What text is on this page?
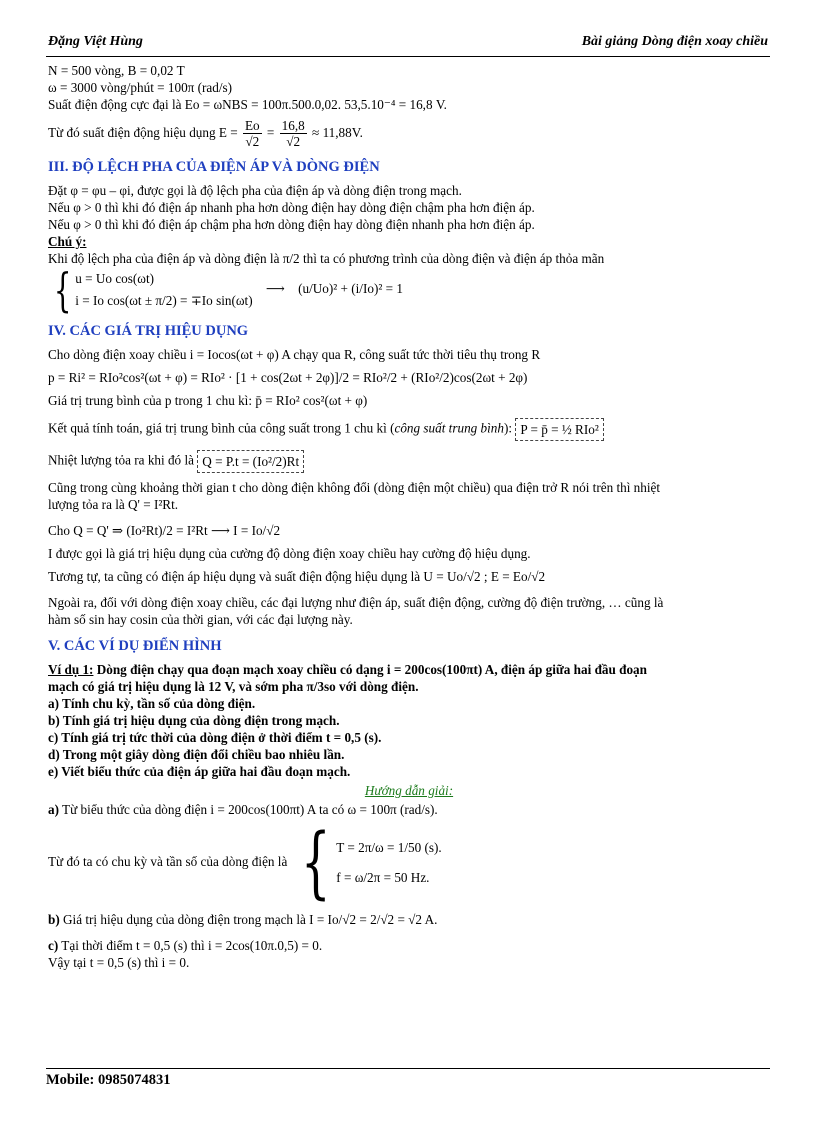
Đặng Việt Hùng	Bài giảng Dòng điện xoay chiều
N = 500 vòng, B = 0,02 T
ω = 3000 vòng/phút = 100π (rad/s)
Suất điện động cực đại là Eo = ωNBS = 100π.500.0,02. 53,5.10⁻⁴ = 16,8 V.
Từ đó suất điện động hiệu dụng $E = \frac{Eo}{√2} = \frac{16,8}{√2} \approx 11,88V$.
III. ĐỘ LỆCH PHA CỦA ĐIỆN ÁP VÀ DÒNG ĐIỆN
Đặt φ = φu – φi, được gọi là độ lệch pha của điện áp và dòng điện trong mạch.
Nếu φ > 0 thì khi đó điện áp nhanh pha hơn dòng điện hay dòng điện chậm pha hơn điện áp.
Nếu φ > 0 thì khi đó điện áp chậm pha hơn dòng điện hay dòng điện nhanh pha hơn điện áp.
Chú ý:
Khi độ lệch pha của điện áp và dòng điện là π/2 thì ta có phương trình của dòng điện và điện áp thỏa mãn
{ u = Uo cos(ωt)
i = Io cos(ωt ± π/2) = ∓Io sin(ωt)
⟶ (u/Uo)² + (i/Io)² = 1
IV. CÁC GIÁ TRỊ HIỆU DỤNG
Cho dòng điện xoay chiều i = Iocos(ωt + φ) A chạy qua R, công suất tức thời tiêu thụ trong R
p = Ri² = RIo²cos²(ωt + φ) = RIo² · [1 + cos(2ωt + 2φ)]/2 = RIo²/2 + (RIo²/2)cos(2ωt + 2φ)
Giá trị trung bình của p trong 1 chu kì: p̄ = RIo² cos²(ωt + φ)
Kết quả tính toán, giá trị trung bình của công suất trong 1 chu kì (công suất trung bình): P = p̄ = ½ RIo²
Nhiệt lượng tỏa ra khi đó là Q = P.t = (Io²/2)Rt
Cũng trong cùng khoảng thời gian t cho dòng điện không đổi (dòng điện một chiều) qua điện trở R nói trên thì nhiệt
lượng tỏa ra là Q' = I²Rt.
Cho Q = Q' ⇒ (Io²Rt)/2 = I²Rt ⟶ I = Io/√2
I được gọi là giá trị hiệu dụng của cường độ dòng điện xoay chiều hay cường độ hiệu dụng.
Tương tự, ta cũng có điện áp hiệu dụng và suất điện động hiệu dụng là U = Uo/√2 ; E = Eo/√2
Ngoài ra, đối với dòng điện xoay chiều, các đại lượng như điện áp, suất điện động, cường độ điện trường, … cũng là
hàm số sin hay cosin của thời gian, với các đại lượng này.
V. CÁC VÍ DỤ ĐIỂN HÌNH
Ví dụ 1: Dòng điện chạy qua đoạn mạch xoay chiều có dạng i = 200cos(100πt) A, điện áp giữa hai đầu đoạn
mạch có giá trị hiệu dụng là 12 V, và sớm pha π/3so với dòng điện.
a) Tính chu kỳ, tần số của dòng điện.
b) Tính giá trị hiệu dụng của dòng điện trong mạch.
c) Tính giá trị tức thời của dòng điện ở thời điểm t = 0,5 (s).
d) Trong một giây dòng điện đổi chiều bao nhiêu lần.
e) Viết biểu thức của điện áp giữa hai đầu đoạn mạch.
Hướng dẫn giải:
a) Từ biểu thức của dòng điện i = 200cos(100πt) A ta có ω = 100π (rad/s).
Từ đó ta có chu kỳ và tần số của dòng điện là { T = 2π/ω = 1/50 (s).
f = ω/2π = 50 Hz.
b) Giá trị hiệu dụng của dòng điện trong mạch là I = Io/√2 = 2/√2 = √2 A.
c) Tại thời điểm t = 0,5 (s) thì i = 2cos(10π.0,5) = 0.
Vậy tại t = 0,5 (s) thì i = 0.
Mobile: 0985074831
